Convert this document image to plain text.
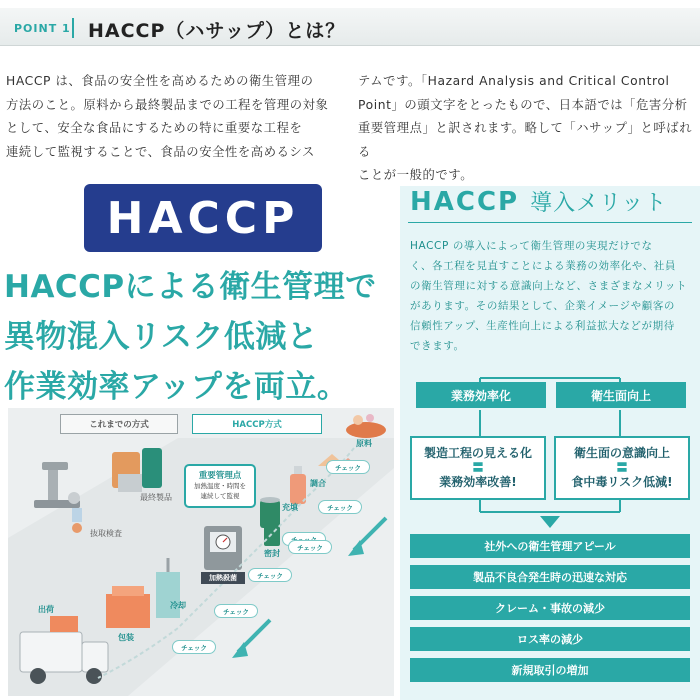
POINT 1 HACCP（ハサップ）とは？
HACCP は、食品の安全性を高めるための衛生管理の
方法のこと。原料から最終製品までの工程を管理の対象
として、安全な食品にするための特に重要な工程を
連続して監視することで、食品の安全性を高めるシス
テムです。「Hazard Analysis and Critical Control
Point」の頭文字をとったもので、日本語では「危害分析
重要管理点」と訳されます。略して「ハサップ」と呼ばれる
ことが一般的です。
HACCP
HACCPによる衛生管理で
異物混入リスク低減と
作業効率アップを両立。
これまでの方式	HACCP方式
最終製品
抜取検査
原料
調合
充填
密封
冷却
包装
出荷
重要管理点
加熱温度・時間を
連続して監視
加熱殺菌
チェック
チェック
チェック
チェック
チェック
チェック
HACCP 導入メリット
HACCP の導入によって衛生管理の実現だけでな
く、各工程を見直すことによる業務の効率化や、社員
の衛生管理に対する意識向上など、さまざまなメリット
があります。その結果として、企業イメージや顧客の
信頼性アップ、生産性向上による利益拡大などが期待
できます。
業務効率化	衛生面向上
製造工程の見える化
〓
業務効率改善!
衛生面の意識向上
〓
食中毒リスク低減!
社外への衛生管理アピール
製品不良合発生時の迅速な対応
クレーム・事故の減少
ロス率の減少
新規取引の増加
